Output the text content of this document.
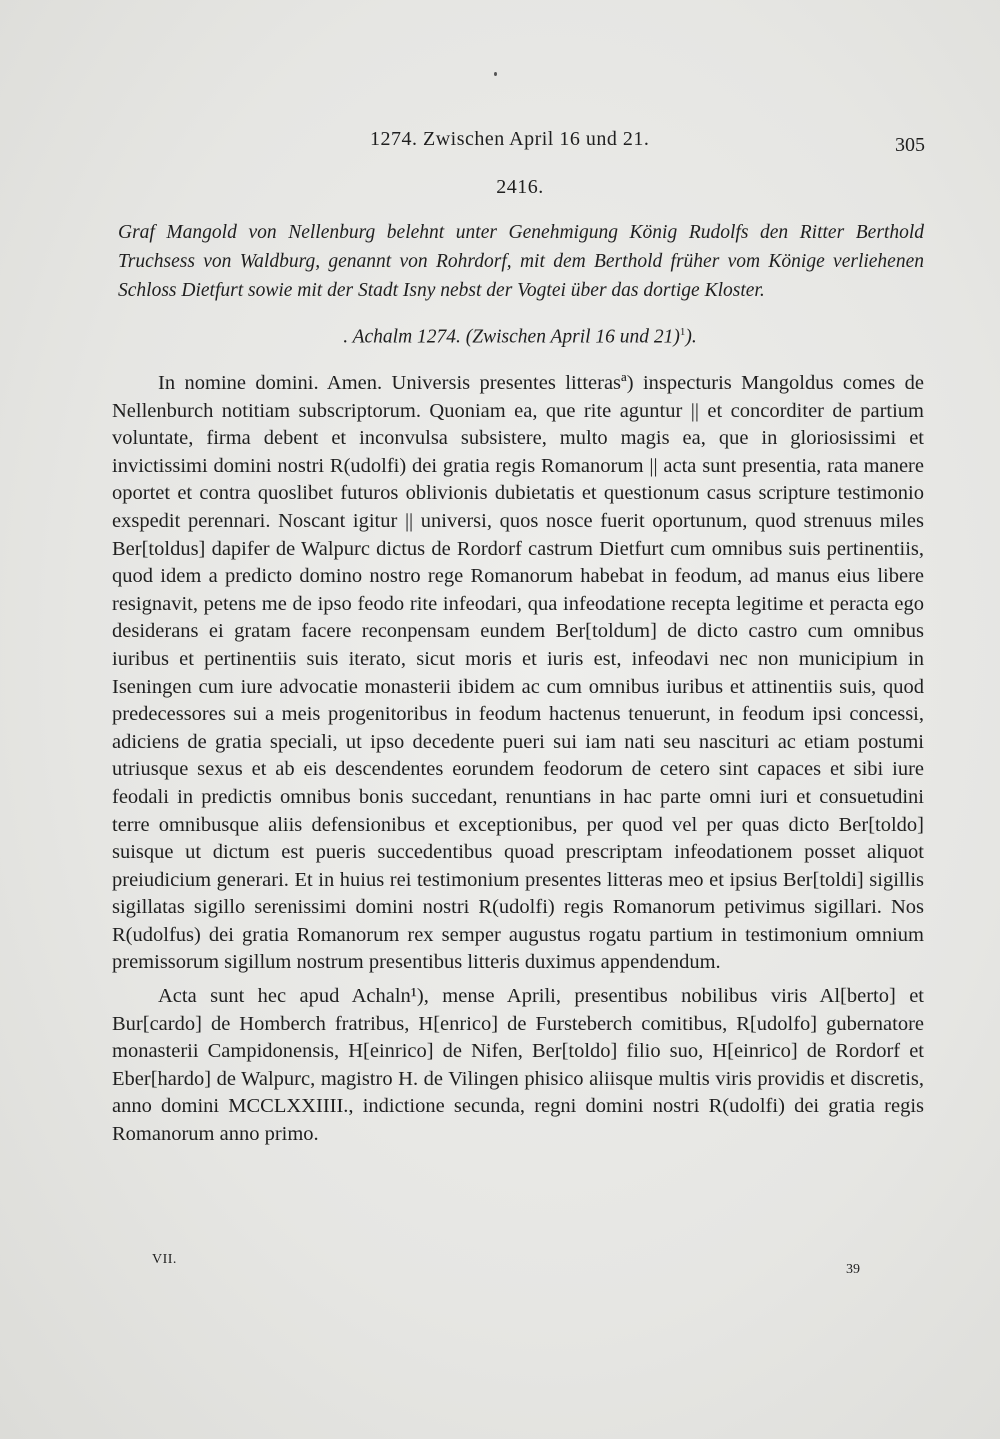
1274. Zwischen April 16 und 21.	305
2416.
Graf Mangold von Nellenburg belehnt unter Genehmigung König Rudolfs den Ritter Berthold Truchsess von Waldburg, genannt von Rohrdorf, mit dem Berthold früher vom Könige verliehenen Schloss Dietfurt sowie mit der Stadt Isny nebst der Vogtei über das dortige Kloster.
. Achalm 1274. (Zwischen April 16 und 21)$^1$).

In nomine domini. Amen. Universis presentes litterasª) inspecturis Mangoldus comes de Nellenburch notitiam subscriptorum. Quoniam ea, que rite aguntur || et concorditer de partium voluntate, firma debent et inconvulsa subsistere, multo magis ea, que in gloriosissimi et invictissimi domini nostri R(udolfi) dei gratia regis Romanorum || acta sunt presentia, rata manere oportet et contra quoslibet futuros oblivionis dubietatis et questionum casus scripture testimonio exspedit perennari. Noscant igitur || universi, quos nosce fuerit oportunum, quod strenuus miles Ber[toldus] dapifer de Walpurc dictus de Rordorf castrum Dietfurt cum omnibus suis pertinentiis, quod idem a predicto domino nostro rege Romanorum habebat in feodum, ad manus eius libere resignavit, petens me de ipso feodo rite infeodari, qua infeodatione recepta legitime et peracta ego desiderans ei gratam facere reconpensam eundem Ber[toldum] de dicto castro cum omnibus iuribus et pertinentiis suis iterato, sicut moris et iuris est, infeodavi nec non municipium in Iseningen cum iure advocatie monasterii ibidem ac cum omnibus iuribus et attinentiis suis, quod predecessores sui a meis progenitoribus in feodum hactenus tenuerunt, in feodum ipsi concessi, adiciens de gratia speciali, ut ipso decedente pueri sui iam nati seu nascituri ac etiam postumi utriusque sexus et ab eis descendentes eorundem feodorum de cetero sint capaces et sibi iure feodali in predictis omnibus bonis succedant, renuntians in hac parte omni iuri et consuetudini terre omnibusque aliis defensionibus et exceptionibus, per quod vel per quas dicto Ber[toldo] suisque ut dictum est pueris succedentibus quoad prescriptam infeodationem posset aliquot preiudicium generari. Et in huius rei testimonium presentes litteras meo et ipsius Ber[toldi] sigillis sigillatas sigillo serenissimi domini nostri R(udolfi) regis Romanorum petivimus sigillari. Nos R(udolfus) dei gratia Romanorum rex semper augustus rogatu partium in testimonium omnium premissorum sigillum nostrum presentibus litteris duximus appendendum.

Acta sunt hec apud Achaln¹), mense Aprili, presentibus nobilibus viris Al[berto] et Bur[cardo] de Homberch fratribus, H[enrico] de Fursteberch comitibus, R[udolfo] gubernatore monasterii Campidonensis, H[einrico] de Nifen, Ber[toldo] filio suo, H[einrico] de Rordorf et Eber[hardo] de Walpurc, magistro H. de Vilingen phisico aliisque multis viris providis et discretis, anno domini MCCLXXIIII., indictione secunda, regni domini nostri R(udolfi) dei gratia regis Romanorum anno primo.

VII.
39
